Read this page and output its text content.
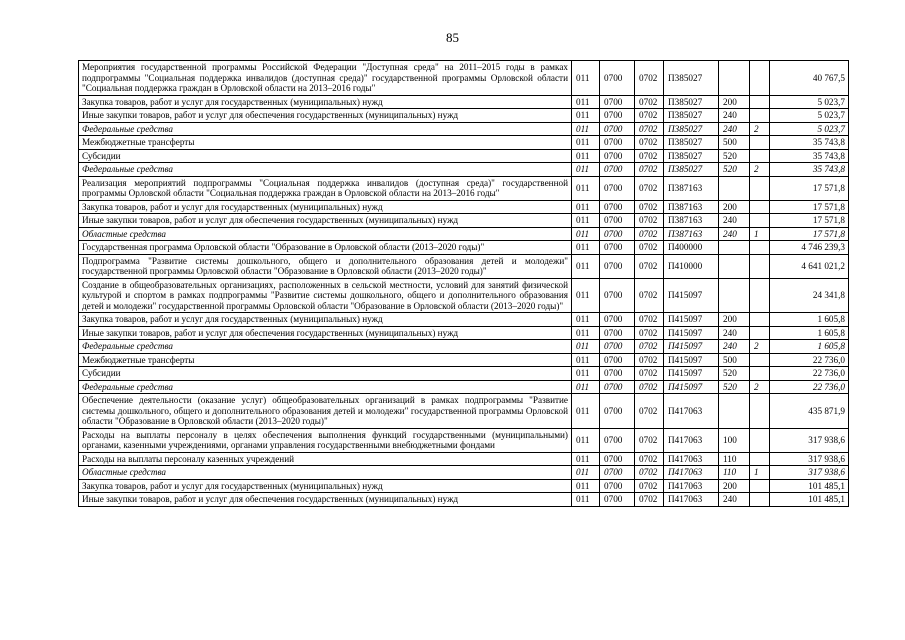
85
Мероприятия государственной программы Российской Федерации "Доступная среда" на 2011–2015 годы в рамках подпрограммы "Социальная поддержка инвалидов (доступная среда)" государственной программы Орловской области "Социальная поддержка граждан в Орловской области на 2013–2016 годы"	011	0700	0702	П385027			40 767,5
Закупка товаров, работ и услуг для государственных (муниципальных) нужд	011	0700	0702	П385027	200		5 023,7
Иные закупки товаров, работ и услуг для обеспечения государственных (муниципальных) нужд	011	0700	0702	П385027	240		5 023,7
Федеральные средства	011	0700	0702	П385027	240	2	5 023,7
Межбюджетные трансферты	011	0700	0702	П385027	500		35 743,8
Субсидии	011	0700	0702	П385027	520		35 743,8
Федеральные средства	011	0700	0702	П385027	520	2	35 743,8
Реализация мероприятий подпрограммы "Социальная поддержка инвалидов (доступная среда)" государственной программы Орловской области "Социальная поддержка граждан в Орловской области на 2013–2016 годы"	011	0700	0702	П387163			17 571,8
Закупка товаров, работ и услуг для государственных (муниципальных) нужд	011	0700	0702	П387163	200		17 571,8
Иные закупки товаров, работ и услуг для обеспечения государственных (муниципальных) нужд	011	0700	0702	П387163	240		17 571,8
Областные средства	011	0700	0702	П387163	240	1	17 571,8
Государственная программа Орловской области "Образование в Орловской области (2013–2020 годы)"	011	0700	0702	П400000			4 746 239,3
Подпрограмма "Развитие системы дошкольного, общего и дополнительного образования детей и молодежи" государственной программы Орловской области "Образование в Орловской области (2013–2020 годы)"	011	0700	0702	П410000			4 641 021,2
Создание в общеобразовательных организациях, расположенных в сельской местности, условий для занятий физической культурой и спортом в рамках подпрограммы "Развитие системы дошкольного, общего и дополнительного образования детей и молодежи" государственной программы Орловской области "Образование в Орловской области (2013–2020 годы)"	011	0700	0702	П415097			24 341,8
Закупка товаров, работ и услуг для государственных (муниципальных) нужд	011	0700	0702	П415097	200		1 605,8
Иные закупки товаров, работ и услуг для обеспечения государственных (муниципальных) нужд	011	0700	0702	П415097	240		1 605,8
Федеральные средства	011	0700	0702	П415097	240	2	1 605,8
Межбюджетные трансферты	011	0700	0702	П415097	500		22 736,0
Субсидии	011	0700	0702	П415097	520		22 736,0
Федеральные средства	011	0700	0702	П415097	520	2	22 736,0
Обеспечение деятельности (оказание услуг) общеобразовательных организаций в рамках подпрограммы "Развитие системы дошкольного, общего и дополнительного образования детей и молодежи" государственной программы Орловской области "Образование в Орловской области (2013–2020 годы)"	011	0700	0702	П417063			435 871,9
Расходы на выплаты персоналу в целях обеспечения выполнения функций государственными (муниципальными) органами, казенными учреждениями, органами управления государственными внебюджетными фондами	011	0700	0702	П417063	100		317 938,6
Расходы на выплаты персоналу казенных учреждений	011	0700	0702	П417063	110		317 938,6
Областные средства	011	0700	0702	П417063	110	1	317 938,6
Закупка товаров, работ и услуг для государственных (муниципальных) нужд	011	0700	0702	П417063	200		101 485,1
Иные закупки товаров, работ и услуг для обеспечения государственных (муниципальных) нужд	011	0700	0702	П417063	240		101 485,1
